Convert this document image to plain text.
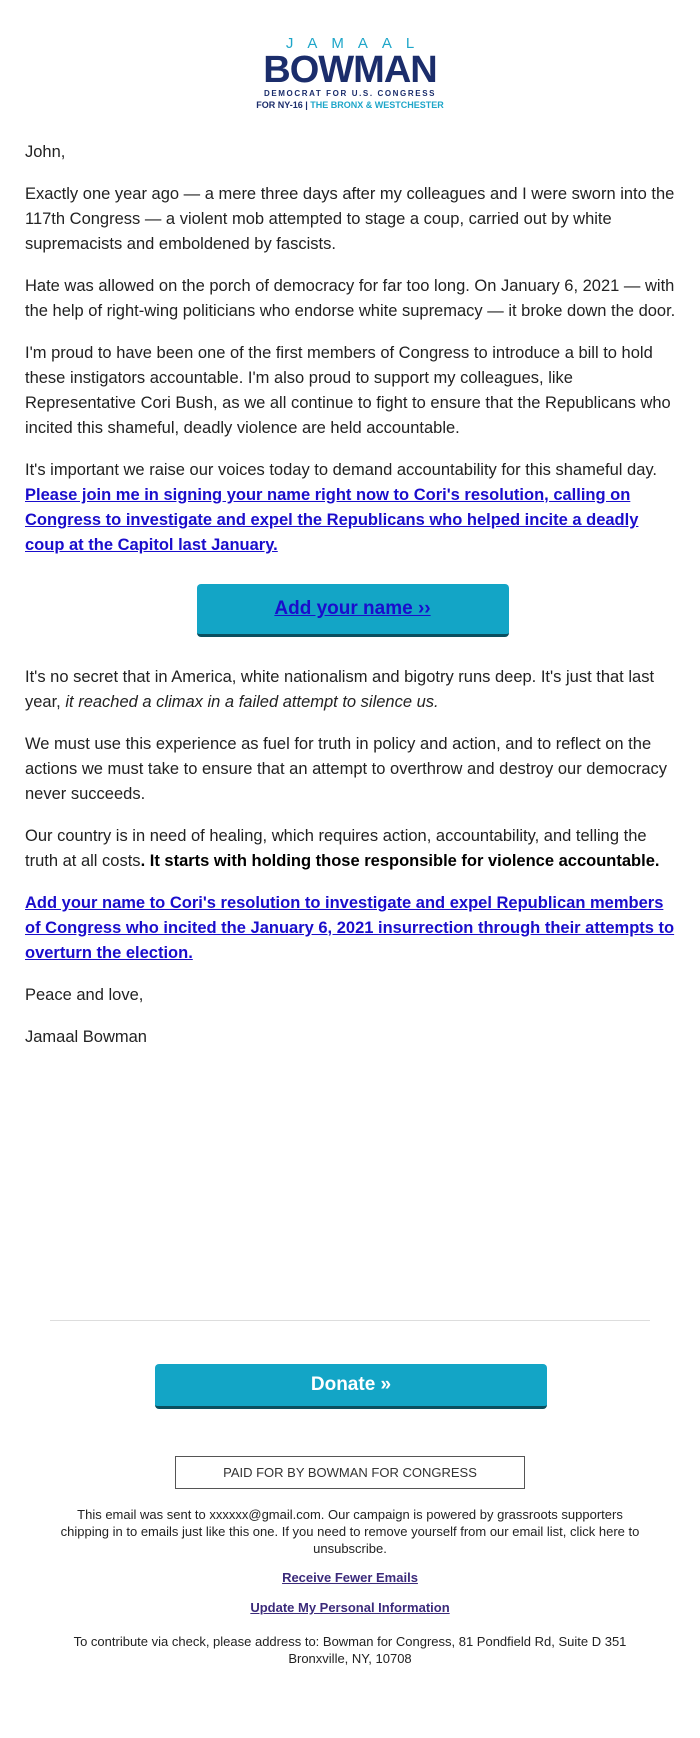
JAMAAL
BOWMAN
DEMOCRAT FOR U.S. CONGRESS
FOR NY-16 | THE BRONX & WESTCHESTER

John,

Exactly one year ago — a mere three days after my colleagues and I were sworn into the 117th Congress — a violent mob attempted to stage a coup, carried out by white supremacists and emboldened by fascists.

Hate was allowed on the porch of democracy for far too long. On January 6, 2021 — with the help of right-wing politicians who endorse white supremacy — it broke down the door.

I'm proud to have been one of the first members of Congress to introduce a bill to hold these instigators accountable. I'm also proud to support my colleagues, like Representative Cori Bush, as we all continue to fight to ensure that the Republicans who incited this shameful, deadly violence are held accountable.

It's important we raise our voices today to demand accountability for this shameful day. Please join me in signing your name right now to Cori's resolution, calling on Congress to investigate and expel the Republicans who helped incite a deadly coup at the Capitol last January.

Add your name ››

It's no secret that in America, white nationalism and bigotry runs deep. It's just that last year, it reached a climax in a failed attempt to silence us.

We must use this experience as fuel for truth in policy and action, and to reflect on the actions we must take to ensure that an attempt to overthrow and destroy our democracy never succeeds.

Our country is in need of healing, which requires action, accountability, and telling the truth at all costs. It starts with holding those responsible for violence accountable.

Add your name to Cori's resolution to investigate and expel Republican members of Congress who incited the January 6, 2021 insurrection through their attempts to overturn the election.

Peace and love,

Jamaal Bowman

Donate »
PAID FOR BY BOWMAN FOR CONGRESS
This email was sent to xxxxxx@gmail.com. Our campaign is powered by grassroots supporters chipping in to emails just like this one. If you need to remove yourself from our email list, click here to unsubscribe.
Receive Fewer Emails
Update My Personal Information
To contribute via check, please address to: Bowman for Congress, 81 Pondfield Rd, Suite D 351 Bronxville, NY, 10708
